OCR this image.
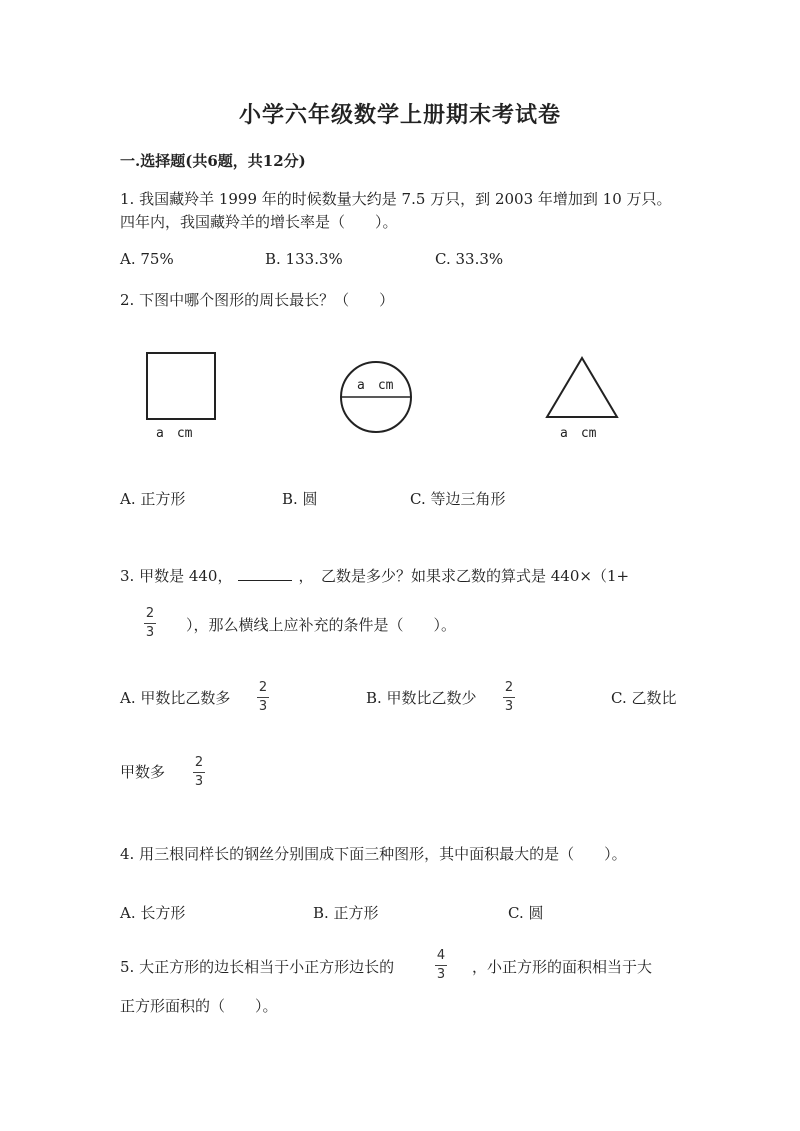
小学六年级数学上册期末考试卷
一.选择题(共6题，共12分)
1. 我国藏羚羊 1999 年的时候数量大约是 7.5 万只，到 2003 年增加到 10 万只。
四年内，我国藏羚羊的增长率是（　　）。
A. 75%	B. 133.3%	C. 33.3%
2. 下图中哪个图形的周长最长？（　　）
a　cm
a　cm
a　cm
A. 正方形	B. 圆	C. 等边三角形
3. 甲数是 440，	，　乙数是多少？如果求乙数的算式是 440×（1+
2
3 ），那么横线上应补充的条件是（　　）。
A. 甲数比乙数多
2
3	B. 甲数比乙数少
2
3	C. 乙数比
甲数多
2
3
4. 用三根同样长的钢丝分别围成下面三种图形，其中面积最大的是（　　）。
A. 长方形	B. 正方形	C. 圆
5. 大正方形的边长相当于小正方形边长的
4
3 ，小正方形的面积相当于大
正方形面积的（　　）。
